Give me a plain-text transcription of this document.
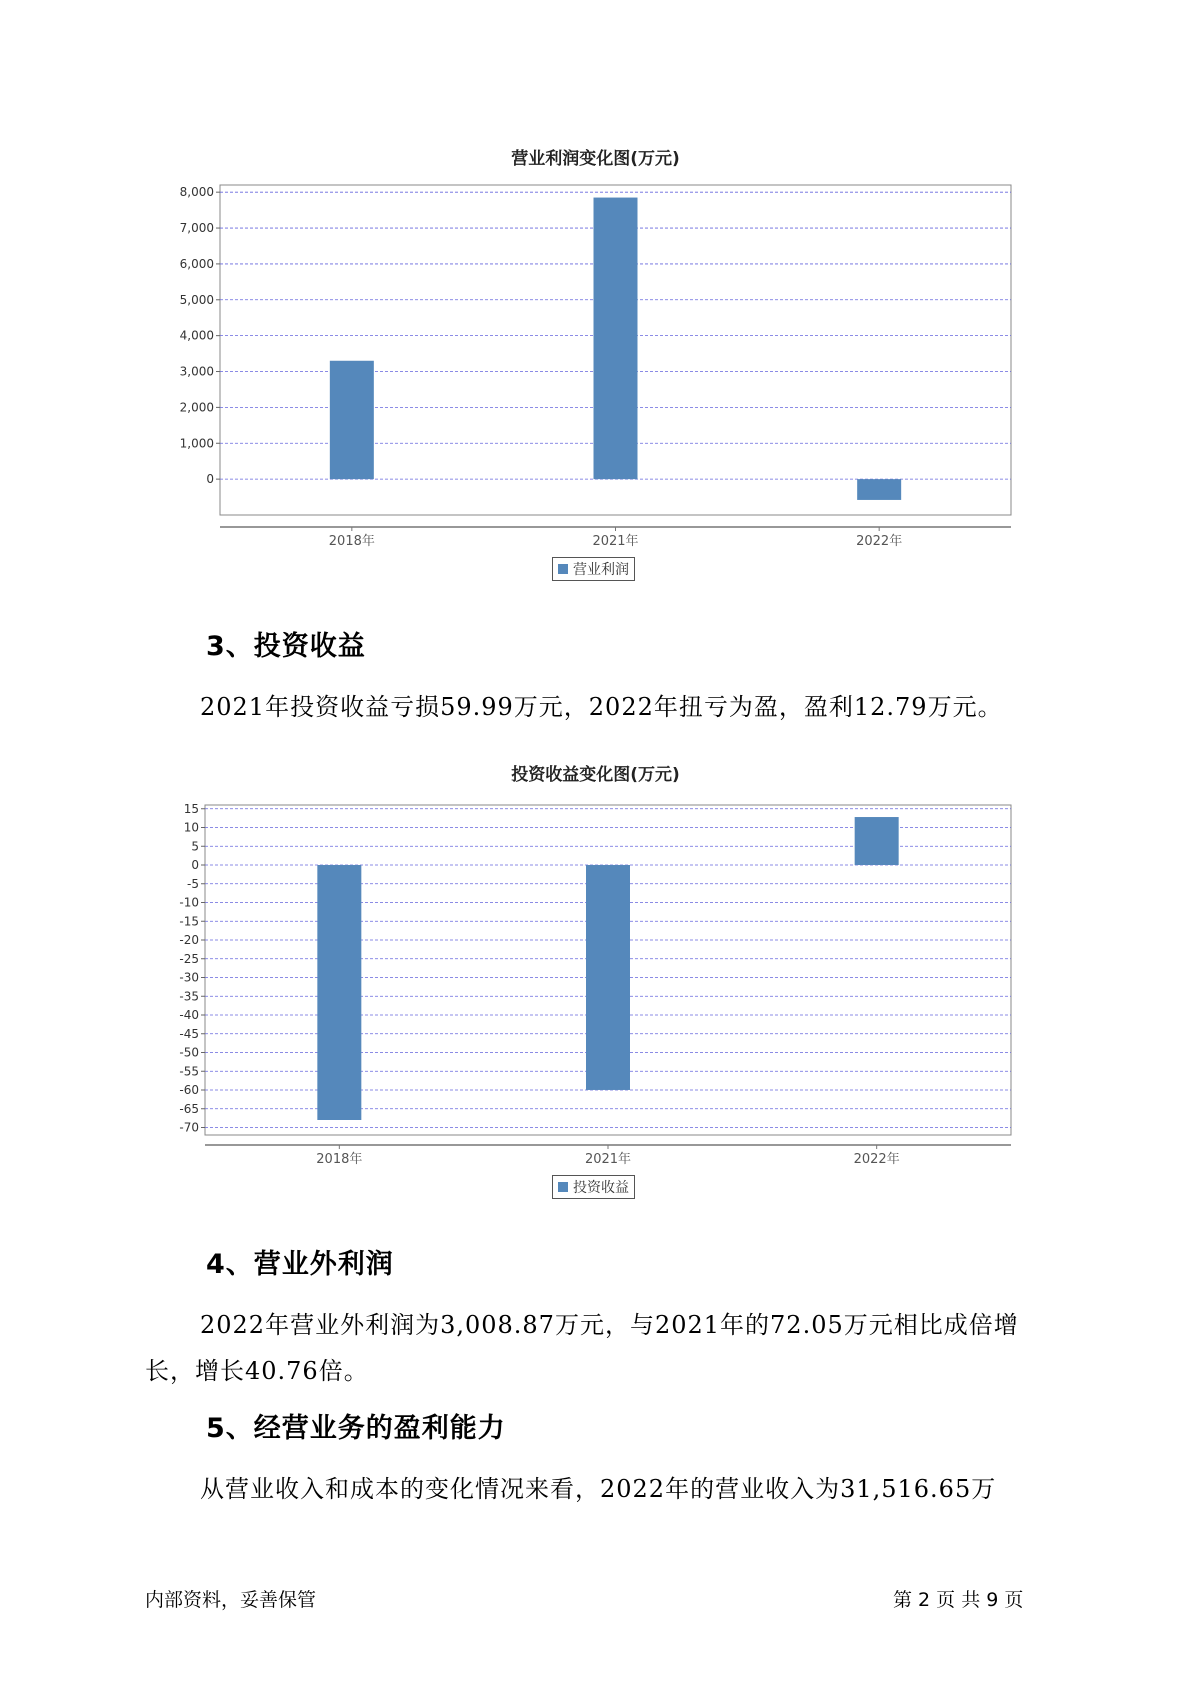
营业利润变化图(万元)
0
1,000
2,000
3,000
4,000
5,000
6,000
7,000
8,000
2018年	2021年	2022年
营业利润
3、投资收益

2021年投资收益亏损59.99万元，2022年扭亏为盈，盈利12.79万元。

投资收益变化图(万元)
15
10
5
0
-5
-10
-15
-20
-25
-30
-35
-40
-45
-50
-55
-60
-65
-70
2018年	2021年	2022年
投资收益
4、营业外利润

2022年营业外利润为3,008.87万元，与2021年的72.05万元相比成倍增长，增长40.76倍。

5、经营业务的盈利能力

从营业收入和成本的变化情况来看，2022年的营业收入为31,516.65万

内部资料，妥善保管	第 2 页 共 9 页
